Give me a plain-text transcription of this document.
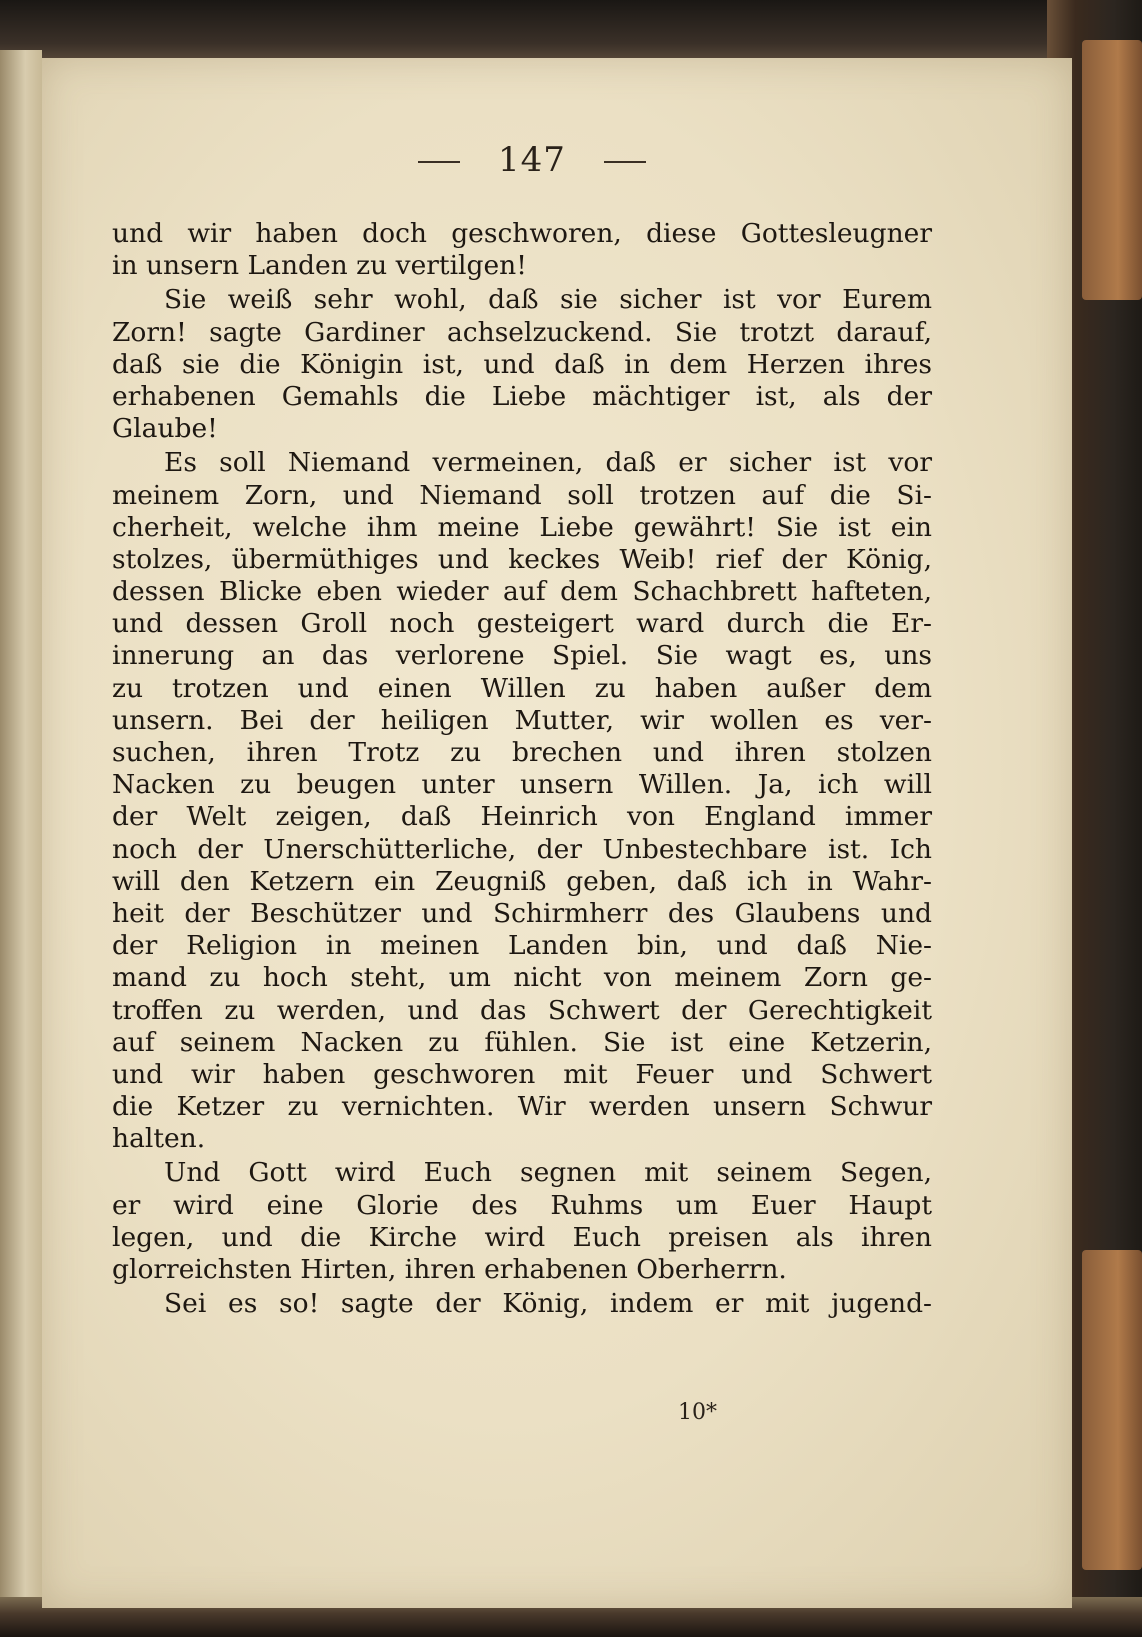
147
und wir haben doch geschworen, diese Gottesleugner
in unsern Landen zu vertilgen!
Sie weiß sehr wohl, daß sie sicher ist vor Eurem
Zorn! sagte Gardiner achselzuckend. Sie trotzt darauf,
daß sie die Königin ist, und daß in dem Herzen ihres
erhabenen Gemahls die Liebe mächtiger ist, als der
Glaube!
Es soll Niemand vermeinen, daß er sicher ist vor
meinem Zorn, und Niemand soll trotzen auf die Si-
cherheit, welche ihm meine Liebe gewährt! Sie ist ein
stolzes, übermüthiges und keckes Weib! rief der König,
dessen Blicke eben wieder auf dem Schachbrett hafteten,
und dessen Groll noch gesteigert ward durch die Er-
innerung an das verlorene Spiel. Sie wagt es, uns
zu trotzen und einen Willen zu haben außer dem
unsern. Bei der heiligen Mutter, wir wollen es ver-
suchen, ihren Trotz zu brechen und ihren stolzen
Nacken zu beugen unter unsern Willen. Ja, ich will
der Welt zeigen, daß Heinrich von England immer
noch der Unerschütterliche, der Unbestechbare ist. Ich
will den Ketzern ein Zeugniß geben, daß ich in Wahr-
heit der Beschützer und Schirmherr des Glaubens und
der Religion in meinen Landen bin, und daß Nie-
mand zu hoch steht, um nicht von meinem Zorn ge-
troffen zu werden, und das Schwert der Gerechtigkeit
auf seinem Nacken zu fühlen. Sie ist eine Ketzerin,
und wir haben geschworen mit Feuer und Schwert
die Ketzer zu vernichten. Wir werden unsern Schwur
halten.
Und Gott wird Euch segnen mit seinem Segen,
er wird eine Glorie des Ruhms um Euer Haupt
legen, und die Kirche wird Euch preisen als ihren
glorreichsten Hirten, ihren erhabenen Oberherrn.
Sei es so! sagte der König, indem er mit jugend-
10*
